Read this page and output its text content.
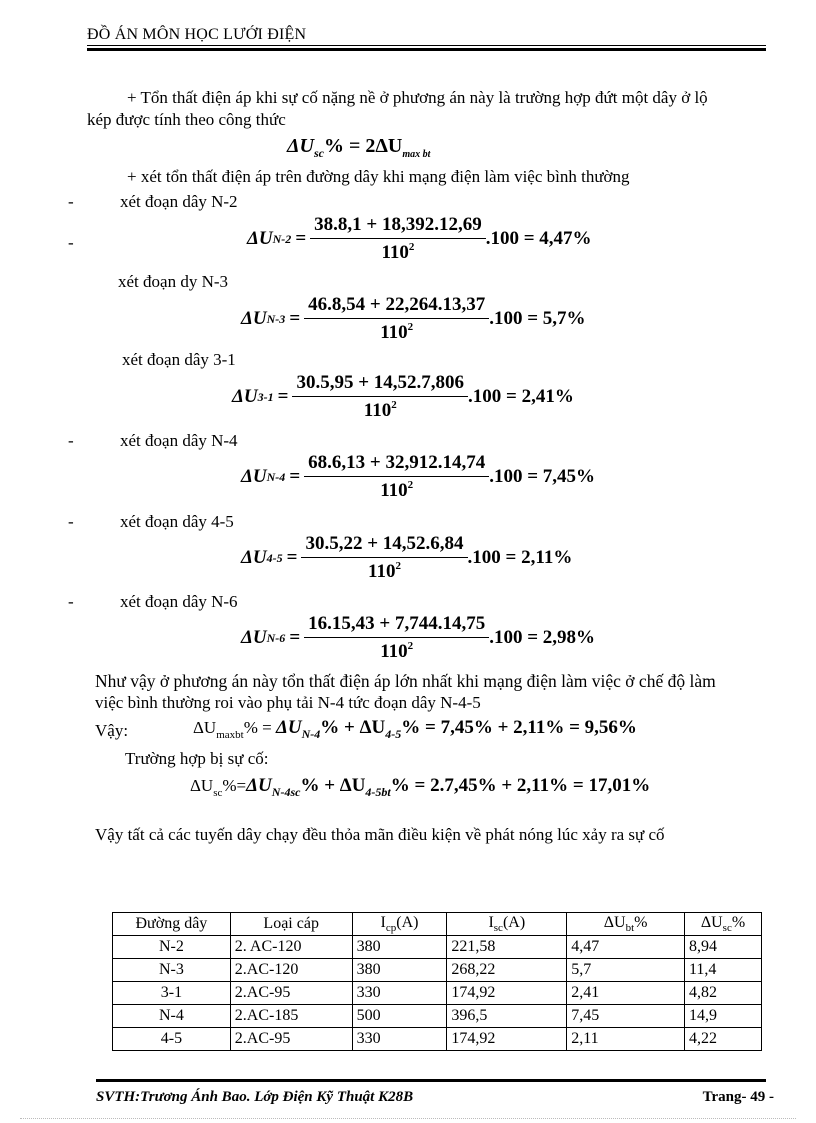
ĐỒ ÁN MÔN HỌC LƯỚI ĐIỆN
+ Tổn thất điện áp khi sự cố nặng nề ở phương án này là trường hợp đứt một dây ở lộ
kép được tính theo công thức
$\Delta U_{sc}\% = 2\Delta U_{max bt}$
+ xét tổn thất điện áp trên đường dây khi mạng điện làm việc bình thường
-	xét đoạn dây N-2
-	ΔU $N-2 = \frac{38.8,1 + 18,392.12,69}{110^2} .100 = 4,47\%$
xét đoạn dy N-3
ΔU $N-3 = \frac{46.8,54 + 22,264.13,37}{110^2} .100 = 5,7\%$
xét đoạn dây 3-1
ΔU $3-1 = \frac{30.5,95 + 14,52.7,806}{110^2} .100 = 2,41\%$
-	xét đoạn dây N-4
ΔU $N-4 = \frac{68.6,13 + 32,912.14,74}{110^2} .100 = 7,45\%$
-	xét đoạn dây 4-5
ΔU $4-5 = \frac{30.5,22 + 14,52.6,84}{110^2} .100 = 2,11\%$
-	xét đoạn dây N-6
ΔU $N-6 = \frac{16.15,43 + 7,744.14,75}{110^2} .100 = 2,98\%$
Như vậy ở phương án này tổn thất điện áp lớn nhất khi mạng điện làm việc ở chế độ làm
việc bình thường roi vào phụ tải N-4 tức đoạn dây N-4-5
Vậy:	$\Delta U_{maxbt}\% = \Delta U_{N-4}\% + \Delta U_{4-5}\% = 7,45\% + 2,11\% = 9,56\%$
Trường hợp bị sự cố:
$\Delta U_{sc}\%=\Delta U_{N-4sc}\% + \Delta U_{4-5bt}\% = 2.7,45\% + 2,11\% = 17,01\%$
Vậy tất cả các tuyến dây chạy đều thỏa mãn điều kiện về phát nóng lúc xảy ra sự cố
Đường dây	Loại cáp	$I_{cp}(A)$	$I_{sc}(A)$	$\Delta U_{bt}\%$	$\Delta U_{sc}\%$
N-2	2. AC-120	380	221,58	4,47	8,94
N-3	2.AC-120	380	268,22	5,7	11,4
3-1	2.AC-95	330	174,92	2,41	4,82
N-4	2.AC-185	500	396,5	7,45	14,9
4-5	2.AC-95	330	174,92	2,11	4,22
SVTH:Trương Ánh Bao. Lớp Điện Kỹ Thuật K28B	Trang- 49 -
